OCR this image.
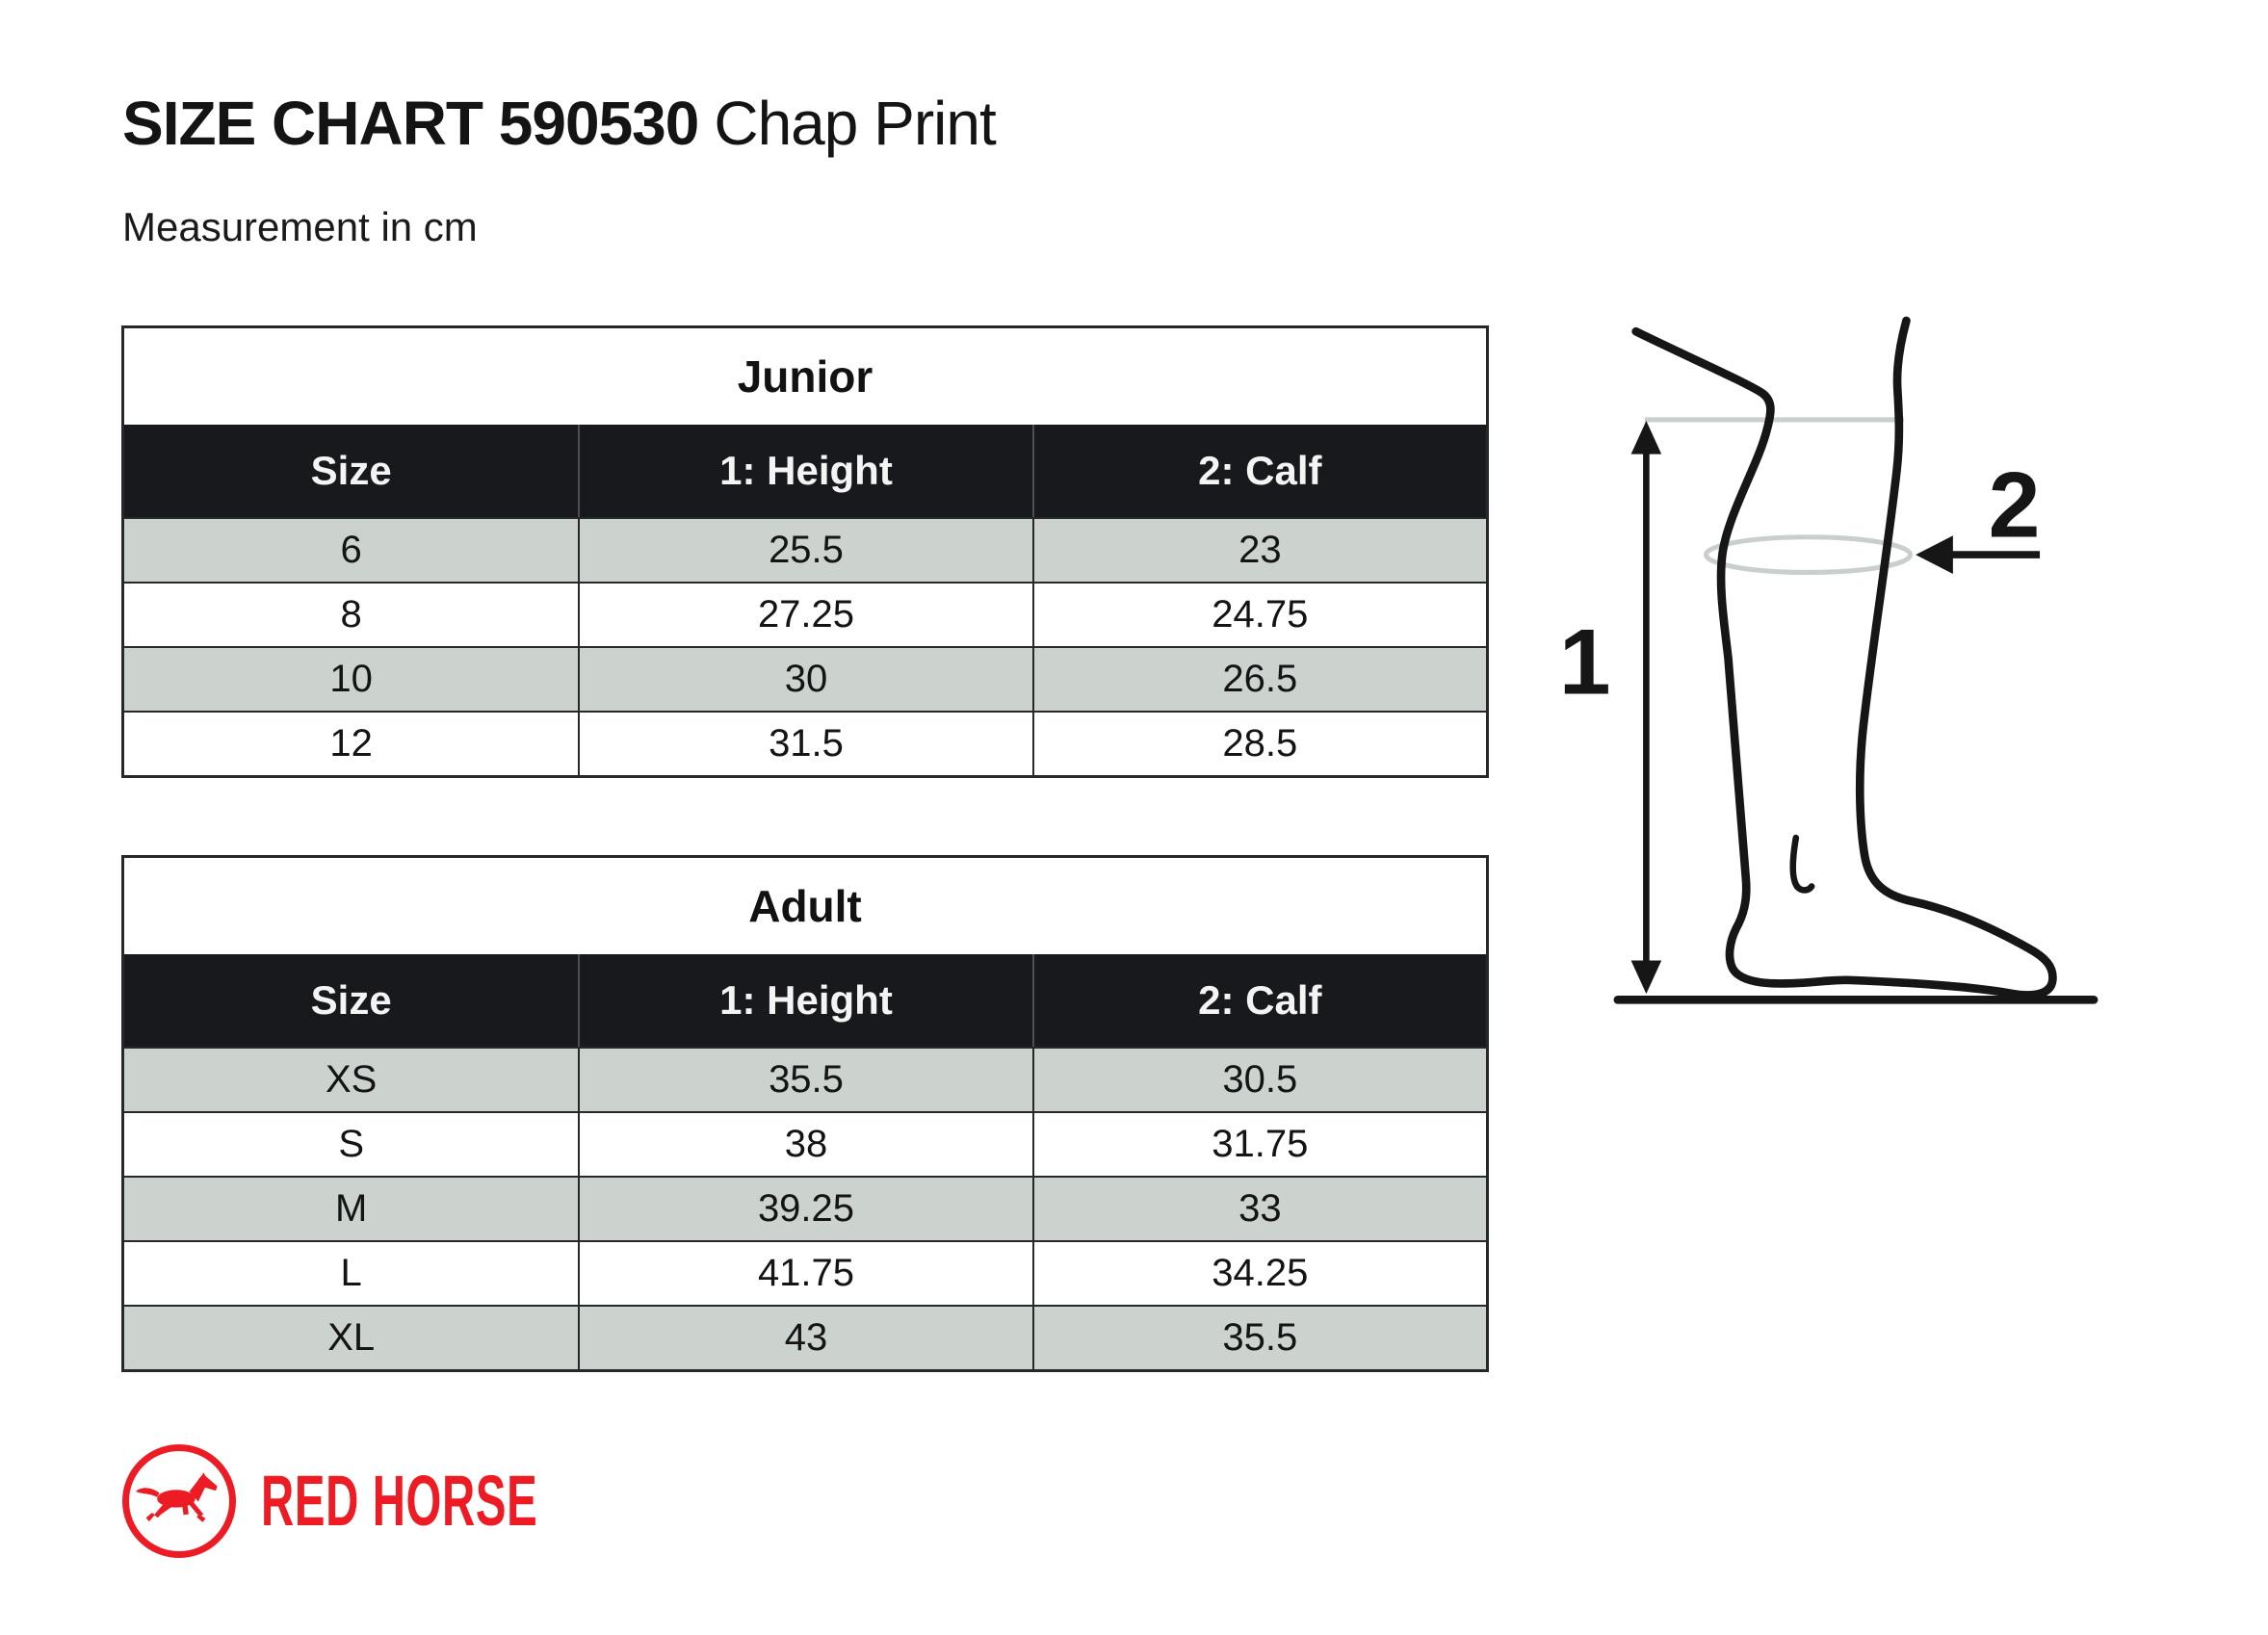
SIZE CHART 590530 Chap Print
Measurement in cm
Junior
Size	1: Height	2: Calf
6	25.5	23
8	27.25	24.75
10	30	26.5
12	31.5	28.5
Adult
Size	1: Height	2: Calf
XS	35.5	30.5
S	38	31.75
M	39.25	33
L	41.75	34.25
XL	43	35.5
1
2
RED HORSE
